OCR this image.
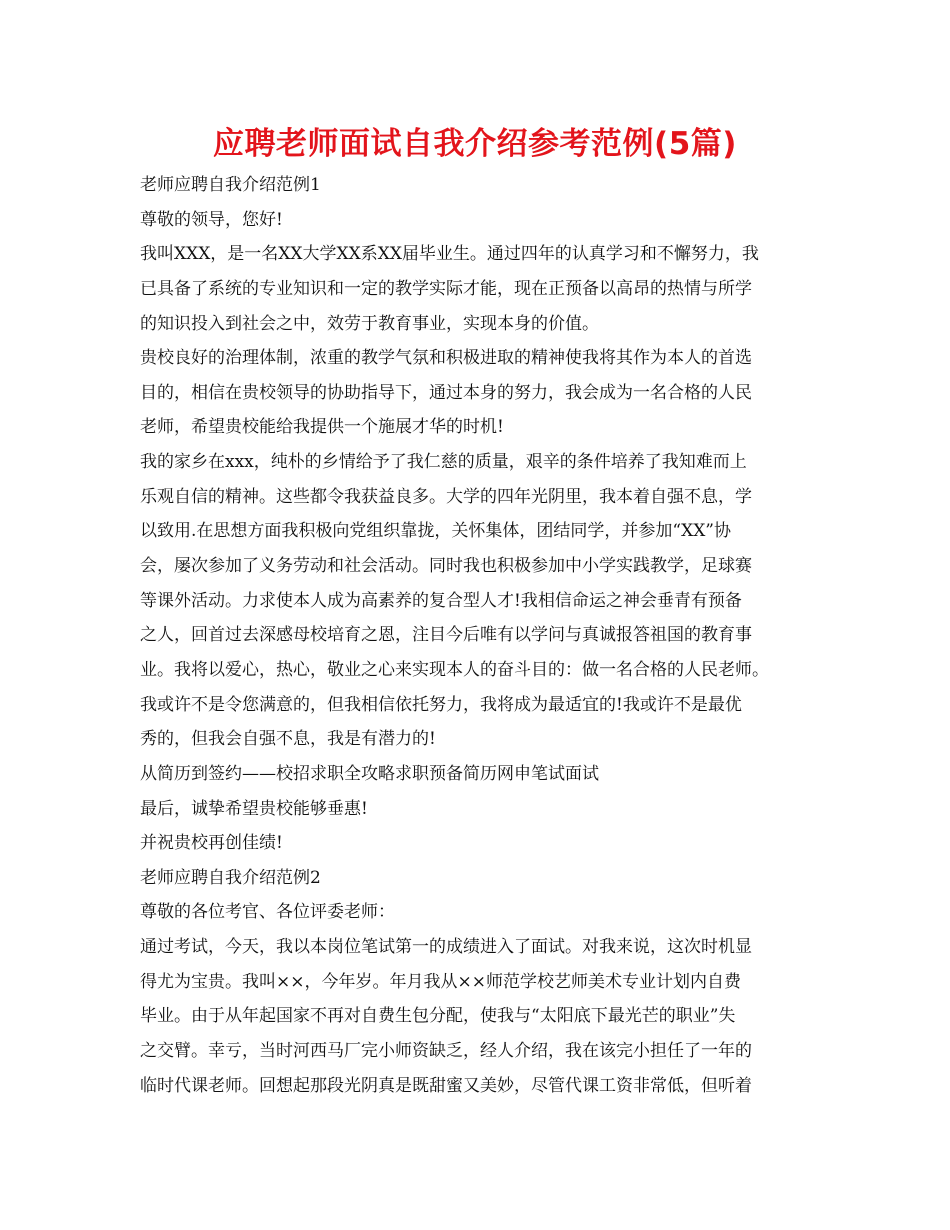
应聘老师面试自我介绍参考范例(5篇)
老师应聘自我介绍范例1
尊敬的领导，您好!
我叫XXX，是一名XX大学XX系XX届毕业生。通过四年的认真学习和不懈努力，我
已具备了系统的专业知识和一定的教学实际才能，现在正预备以高昂的热情与所学
的知识投入到社会之中，效劳于教育事业，实现本身的价值。
贵校良好的治理体制，浓重的教学气氛和积极进取的精神使我将其作为本人的首选
目的，相信在贵校领导的协助指导下，通过本身的努力，我会成为一名合格的人民
老师，希望贵校能给我提供一个施展才华的时机!
我的家乡在xxx，纯朴的乡情给予了我仁慈的质量，艰辛的条件培养了我知难而上
乐观自信的精神。这些都令我获益良多。大学的四年光阴里，我本着自强不息，学
以致用.在思想方面我积极向党组织靠拢，关怀集体，团结同学，并参加“XX”协
会，屡次参加了义务劳动和社会活动。同时我也积极参加中小学实践教学，足球赛
等课外活动。力求使本人成为高素养的复合型人才!我相信命运之神会垂青有预备
之人，回首过去深感母校培育之恩，注目今后唯有以学问与真诚报答祖国的教育事
业。我将以爱心，热心，敬业之心来实现本人的奋斗目的：做一名合格的人民老师。
我或许不是令您满意的，但我相信依托努力，我将成为最适宜的!我或许不是最优
秀的，但我会自强不息，我是有潜力的!
从简历到签约——校招求职全攻略求职预备简历网申笔试面试
最后，诚挚希望贵校能够垂惠!
并祝贵校再创佳绩!
老师应聘自我介绍范例2
尊敬的各位考官、各位评委老师：
通过考试，今天，我以本岗位笔试第一的成绩进入了面试。对我来说，这次时机显
得尤为宝贵。我叫××，今年岁。年月我从××师范学校艺师美术专业计划内自费
毕业。由于从年起国家不再对自费生包分配，使我与“太阳底下最光芒的职业”失
之交臂。幸亏，当时河西马厂完小师资缺乏，经人介绍，我在该完小担任了一年的
临时代课老师。回想起那段光阴真是既甜蜜又美妙，尽管代课工资非常低，但听着
